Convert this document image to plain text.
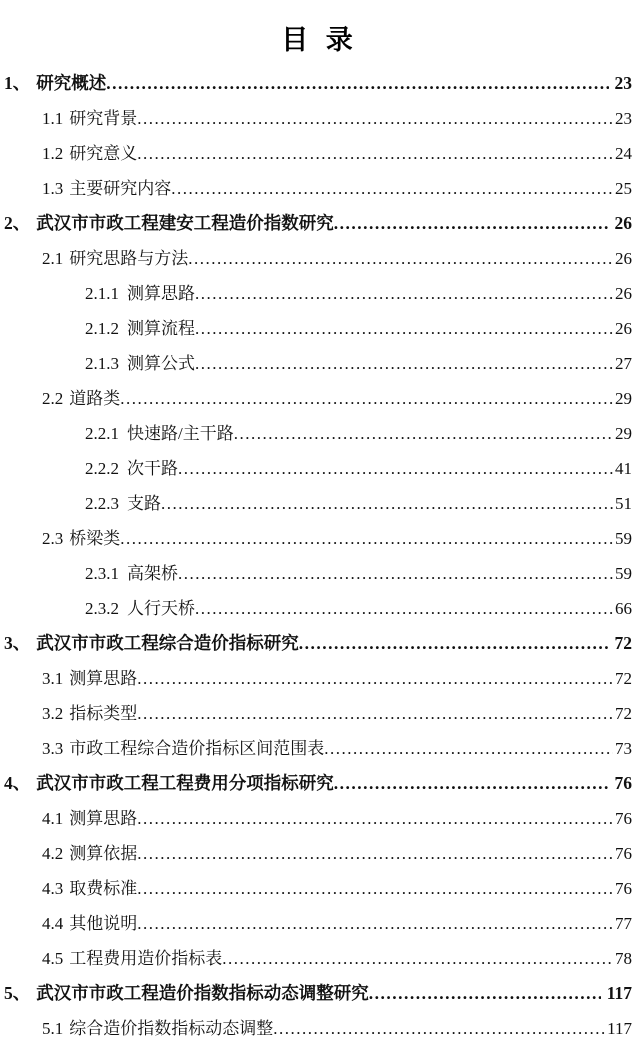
目 录
1、 研究概述 .....	23
1.1 研究背景 .....	23
1.2 研究意义 .....	24
1.3 主要研究内容 .....	25
2、 武汉市市政工程建安工程造价指数研究 .....	26
2.1 研究思路与方法 .....	26
2.1.1 测算思路 .....	26
2.1.2 测算流程 .....	26
2.1.3 测算公式 .....	27
2.2 道路类 .....	29
2.2.1 快速路/主干路 .....	29
2.2.2 次干路 .....	41
2.2.3 支路 .....	51
2.3 桥梁类 .....	59
2.3.1 高架桥 .....	59
2.3.2 人行天桥 .....	66
3、 武汉市市政工程综合造价指标研究 .....	72
3.1 测算思路 .....	72
3.2 指标类型 .....	72
3.3 市政工程综合造价指标区间范围表 .....	73
4、 武汉市市政工程工程费用分项指标研究 .....	76
4.1 测算思路 .....	76
4.2 测算依据 .....	76
4.3 取费标准 .....	76
4.4 其他说明 .....	77
4.5 工程费用造价指标表 .....	78
5、 武汉市市政工程造价指数指标动态调整研究 .....	117
5.1 综合造价指数指标动态调整 .....	117
